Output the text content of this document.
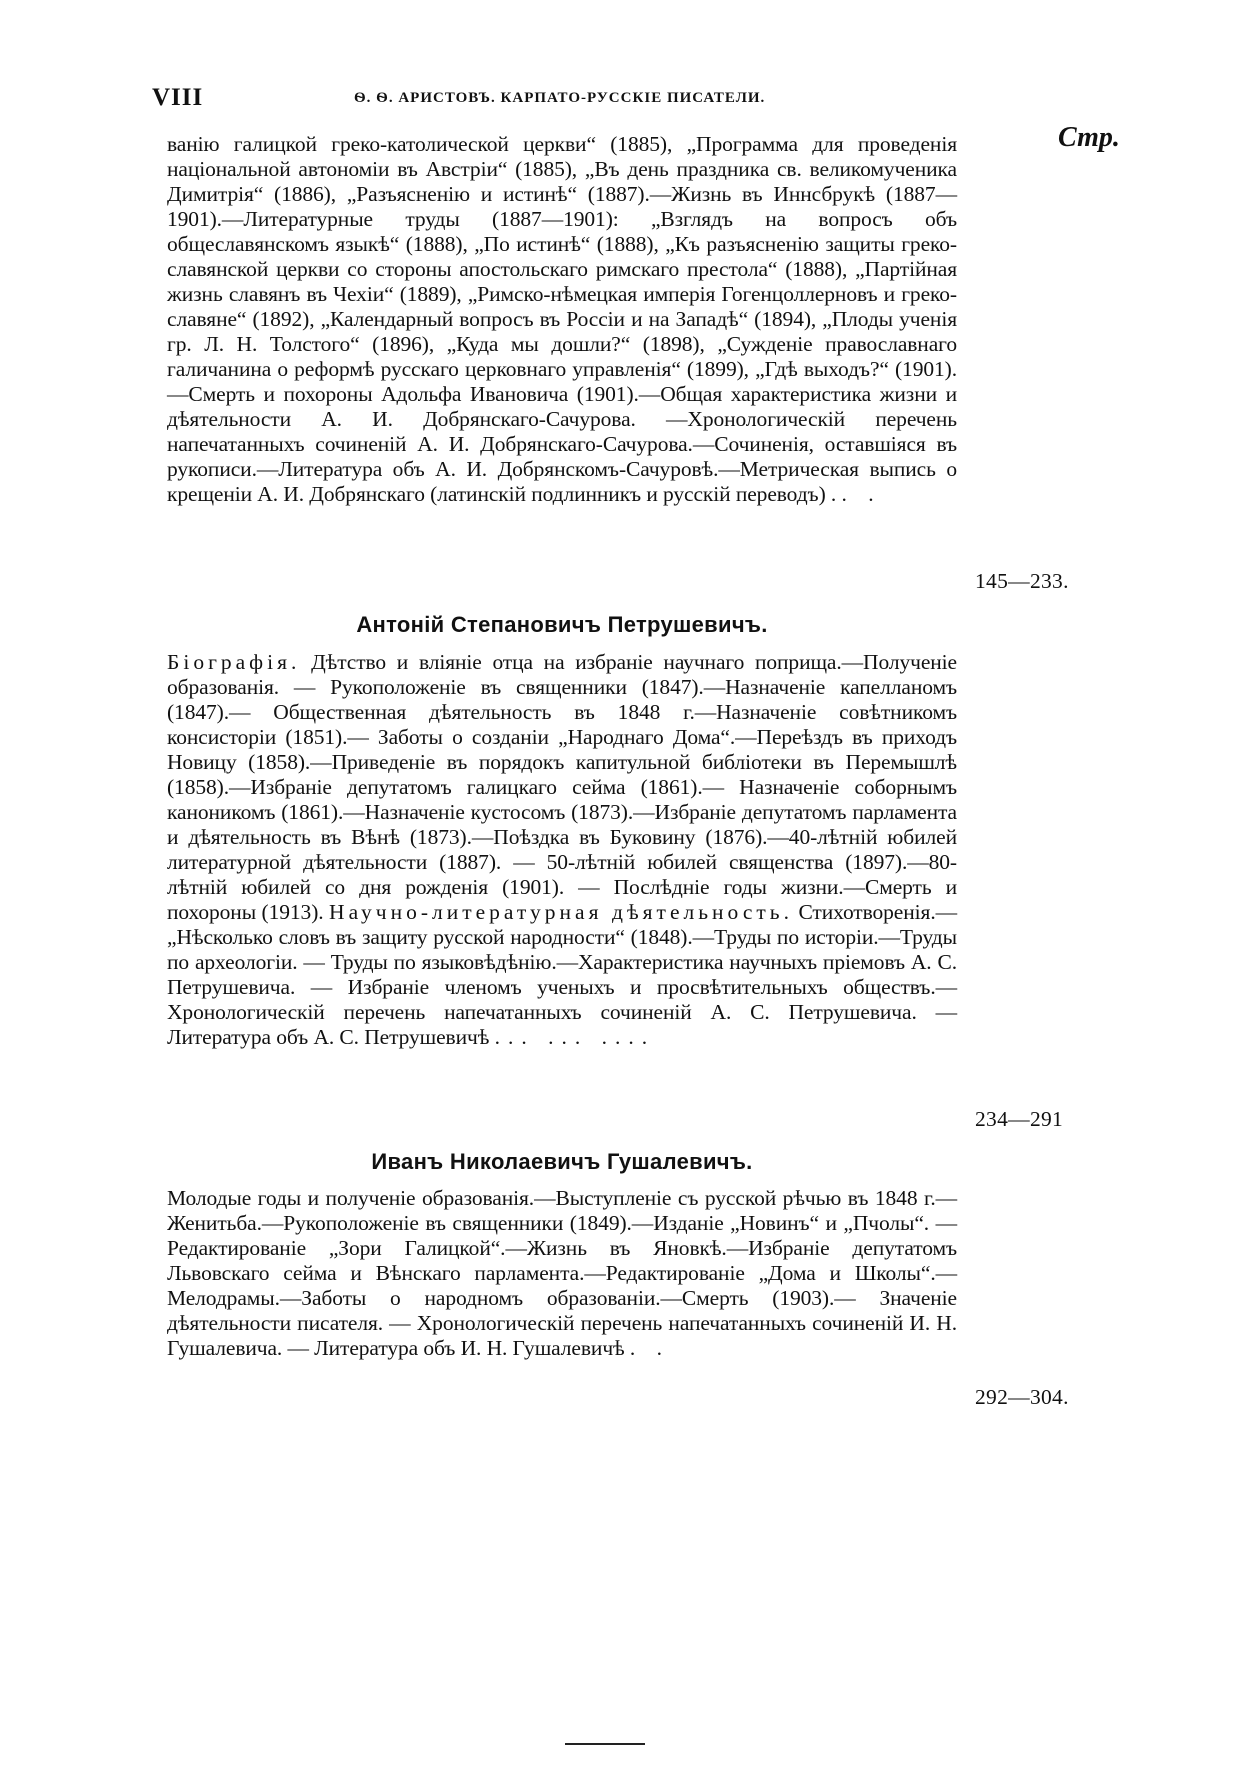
VIII	Ѳ. Ѳ. АРИСТОВЪ. КАРПАТО-РУССКІЕ ПИСАТЕЛИ.
Стр.

ванію галицкой греко-католической церкви“ (1885), „Программа для проведенія національной автономіи въ Австріи“ (1885), „Въ день праздника св. великомученика Димитрія“ (1886), „Разъясненію и истинѣ“ (1887).—Жизнь въ Иннсбрукѣ (1887—1901).—Литературные труды (1887—1901): „Взглядъ на вопросъ объ общеславянскомъ языкѣ“ (1888), „По истинѣ“ (1888), „Къ разъясненію защиты греко-славянской церкви со стороны апостольскаго римскаго престола“ (1888), „Партійная жизнь славянъ въ Чехіи“ (1889), „Римско-нѣмецкая имперія Гогенцоллерновъ и греко-славяне“ (1892), „Календарный вопросъ въ Россіи и на Западѣ“ (1894), „Плоды ученія гр. Л. Н. Толстого“ (1896), „Куда мы дошли?“ (1898), „Сужденіе православнаго галичанина о реформѣ русскаго церковнаго управленія“ (1899), „Гдѣ выходъ?“ (1901).—Смерть и похороны Адольфа Ивановича (1901).—Общая характеристика жизни и дѣятельности А. И. Добрянскаго-Сачурова. —Хронологическій перечень напечатанныхъ сочиненій А. И. Добрянскаго-Сачурова.—Сочиненія, оставшіяся въ рукописи.—Литература объ А. И. Добрянскомъ-Сачуровѣ.—Метрическая выпись о крещеніи А. И. Добрянскаго (латинскій подлинникъ и русскій переводъ) . . .

145—233.
Антоній Степановичъ Петрушевичъ.

Біографія. Дѣтство и вліяніе отца на избраніе научнаго поприща.—Полученіе образованія. — Рукоположеніе въ священники (1847).—Назначеніе капелланомъ (1847).— Общественная дѣятельность въ 1848 г.—Назначеніе совѣтникомъ консисторіи (1851).— Заботы о созданіи „Народнаго Дома“.—Переѣздъ въ приходъ Новицу (1858).—Приведеніе въ порядокъ капитульной библіотеки въ Перемышлѣ (1858).—Избраніе депутатомъ галицкаго сейма (1861).— Назначеніе соборнымъ каноникомъ (1861).—Назначеніе кустосомъ (1873).—Избраніе депутатомъ парламента и дѣятельность въ Вѣнѣ (1873).—Поѣздка въ Буковину (1876).—40-лѣтній юбилей литературной дѣятельности (1887). — 50-лѣтній юбилей священства (1897).—80-лѣтній юбилей со дня рожденія (1901). — Послѣдніе годы жизни.—Смерть и похороны (1913). Научно-литературная дѣятельность. Стихотворенія.—„Нѣсколько словъ въ защиту русской народности“ (1848).—Труды по исторіи.—Труды по археологіи. — Труды по языковѣдѣнію.—Характеристика научныхъ пріемовъ А. С. Петрушевича. — Избраніе членомъ ученыхъ и просвѣтительныхъ обществъ.—Хронологическій перечень напечатанныхъ сочиненій А. С. Петрушевича. — Литература объ А. С. Петрушевичѣ ... ... ....

234—291
Иванъ Николаевичъ Гушалевичъ.

Молодые годы и полученіе образованія.—Выступленіе съ русской рѣчью въ 1848 г.—Женитьба.—Рукоположеніе въ священники (1849).—Изданіе „Новинъ“ и „Пчолы“. — Редактированіе „Зори Галицкой“.—Жизнь въ Яновкѣ.—Избраніе депутатомъ Львовскаго сейма и Вѣнскаго парламента.—Редактированіе „Дома и Школы“.— Мелодрамы.—Заботы о народномъ образованіи.—Смерть (1903).— Значеніе дѣятельности писателя. — Хронологическій перечень напечатанныхъ сочиненій И. Н. Гушалевича. — Литература объ И. Н. Гушалевичѣ . .

292—304.
